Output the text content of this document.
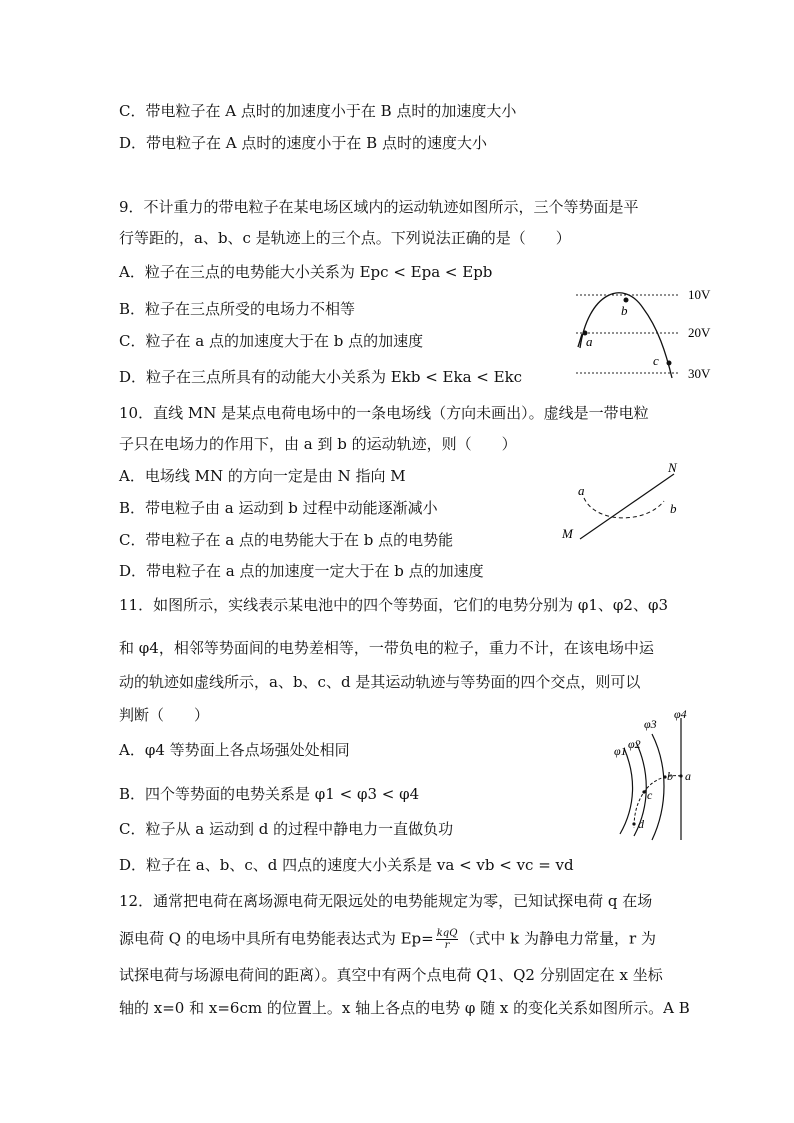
C．带电粒子在 A 点时的加速度小于在 B 点时的加速度大小
D．带电粒子在 A 点时的速度小于在 B 点时的速度大小
9．不计重力的带电粒子在某电场区域内的运动轨迹如图所示，三个等势面是平
行等距的，a、b、c 是轨迹上的三个点。下列说法正确的是（　　）
A．粒子在三点的电势能大小关系为 Epc < Epa < Epb
B．粒子在三点所受的电场力不相等
C．粒子在 a 点的加速度大于在 b 点的加速度
D．粒子在三点所具有的动能大小关系为 Ekb < Eka < Ekc
a
b
c
10V
20V
30V
10．直线 MN 是某点电荷电场中的一条电场线（方向未画出）。虚线是一带电粒
子只在电场力的作用下，由 a 到 b 的运动轨迹，则（　　）
A．电场线 MN 的方向一定是由 N 指向 M
B．带电粒子由 a 运动到 b 过程中动能逐渐减小
C．带电粒子在 a 点的电势能大于在 b 点的电势能
D．带电粒子在 a 点的加速度一定大于在 b 点的加速度
N
M
a
b
11．如图所示，实线表示某电池中的四个等势面，它们的电势分别为 φ1、φ2、φ3
和 φ4，相邻等势面间的电势差相等，一带负电的粒子，重力不计，在该电场中运
动的轨迹如虚线所示，a、b、c、d 是其运动轨迹与等势面的四个交点，则可以
判断（　　）
A．φ4 等势面上各点场强处处相同
B．四个等势面的电势关系是 φ1 < φ3 < φ4
C．粒子从 a 运动到 d 的过程中静电力一直做负功
D．粒子在 a、b、c、d 四点的速度大小关系是 va < vb < vc = vd
φ1 φ2
φ3
φ4
a
b
c
d
12．通常把电荷在离场源电荷无限远处的电势能规定为零，已知试探电荷 q 在场
源电荷 Q 的电场中具所有电势能表达式为 $Ep= \frac{\text{kqQ}}{r}$ （式中 k 为静电力常量，r 为
试探电荷与场源电荷间的距离）。真空中有两个点电荷 Q1、Q2 分别固定在 x 坐标
轴的 x=0 和 x=6cm 的位置上。x 轴上各点的电势 φ 随 x 的变化关系如图所示。A B
